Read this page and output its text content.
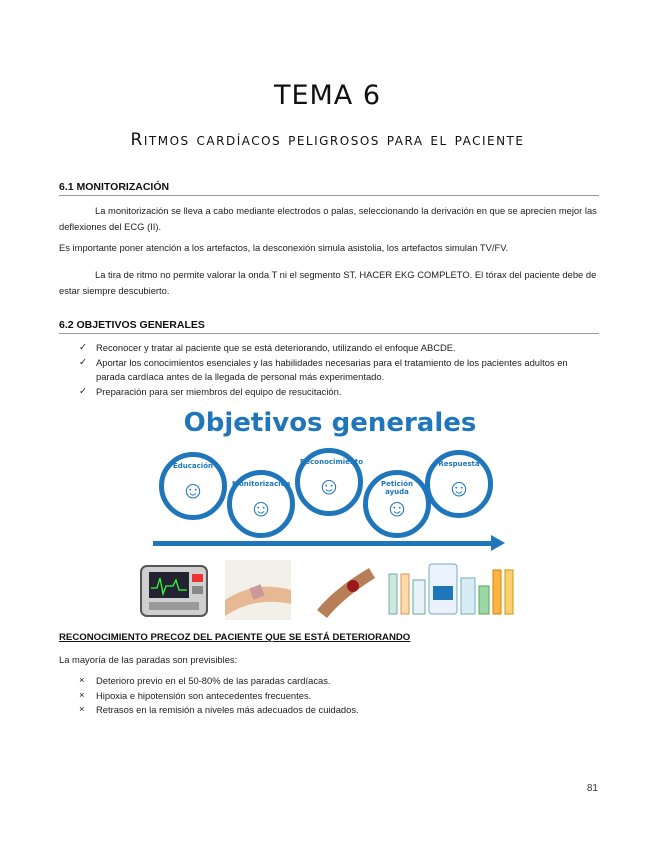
TEMA 6
Ritmos cardíacos peligrosos para el paciente
6.1 MONITORIZACIÓN
La monitorización se lleva a cabo mediante electrodos o palas, seleccionando la derivación en que se aprecien mejor las deflexiones del ECG (II).
Es importante poner atención a los artefactos, la desconexión simula asistolia, los artefactos simulan TV/FV.
La tira de ritmo no permite valorar la onda T ni el segmento ST. HACER EKG COMPLETO. El tórax del paciente debe de estar siempre descubierto.
6.2 OBJETIVOS GENERALES
✓ Reconocer y tratar al paciente que se está deteriorando, utilizando el enfoque ABCDE.
✓ Aportar los conocimientos esenciales y las habilidades necesarias para el tratamiento de los pacientes adultos en parada cardíaca antes de la llegada de personal más experimentado.
✓ Preparación para ser miembros del equipo de resucitación.
Objetivos generales
Educación
☺	Monitorización
☺
Reconocimiento
☺	Petición ayuda
☺
Respuesta
☺
RECONOCIMIENTO PRECOZ DEL PACIENTE QUE SE ESTÁ DETERIORANDO
La mayoría de las paradas son previsibles:
× Deterioro previo en el 50-80% de las paradas cardíacas.
× Hipoxia e hipotensión son antecedentes frecuentes.
× Retrasos en la remisión a niveles más adecuados de cuidados.
81
